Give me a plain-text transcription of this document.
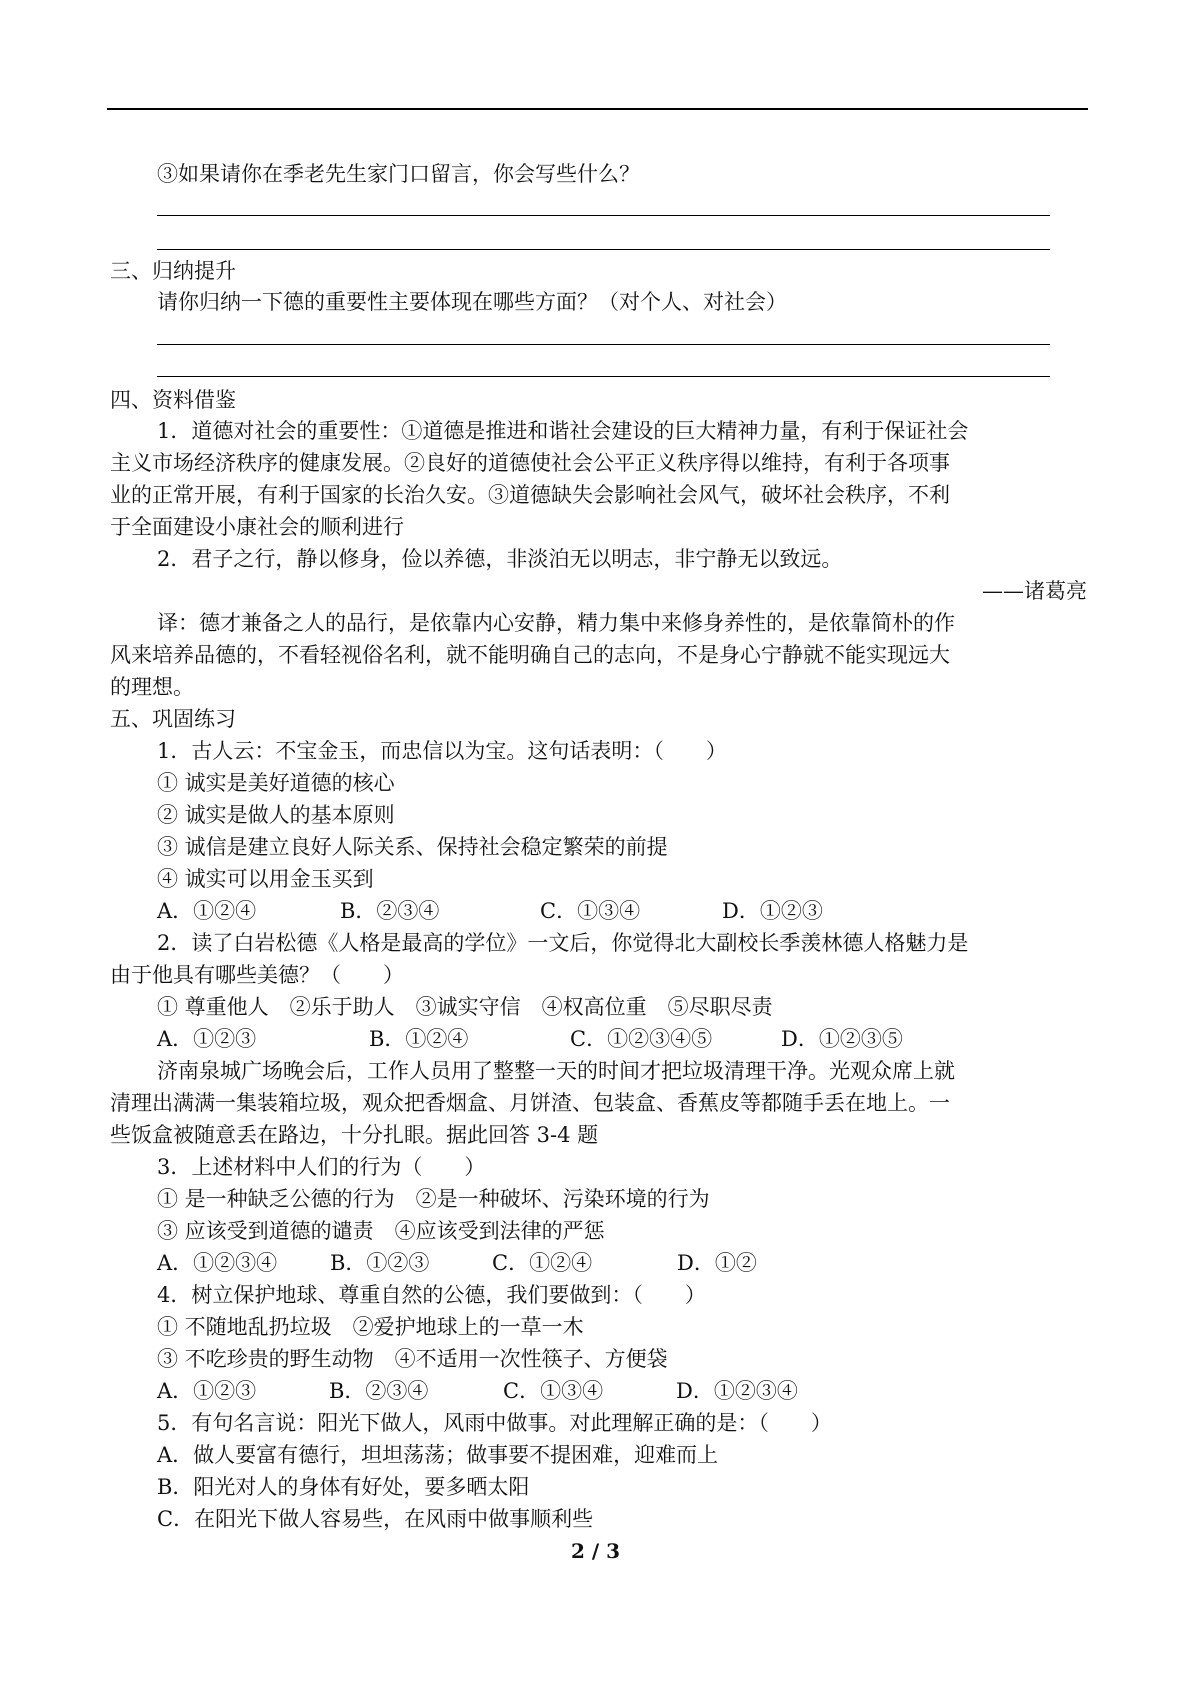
③如果请你在季老先生家门口留言，你会写些什么？
三、归纳提升
请你归纳一下德的重要性主要体现在哪些方面？（对个人、对社会）
四、资料借鉴
1．道德对社会的重要性：①道德是推进和谐社会建设的巨大精神力量，有利于保证社会
主义市场经济秩序的健康发展。②良好的道德使社会公平正义秩序得以维持，有利于各项事
业的正常开展，有利于国家的长治久安。③道德缺失会影响社会风气，破坏社会秩序，不利
于全面建设小康社会的顺利进行
2．君子之行，静以修身，俭以养德，非淡泊无以明志，非宁静无以致远。
——诸葛亮
译：德才兼备之人的品行，是依靠内心安静，精力集中来修身养性的，是依靠简朴的作
风来培养品德的，不看轻视俗名利，就不能明确自己的志向，不是身心宁静就不能实现远大
的理想。
五、巩固练习
1．古人云：不宝金玉，而忠信以为宝。这句话表明：（　　）
① 诚实是美好道德的核心
② 诚实是做人的基本原则
③ 诚信是建立良好人际关系、保持社会稳定繁荣的前提
④ 诚实可以用金玉买到
A．①②④	B．②③④	C．①③④	D．①②③
2．读了白岩松德《人格是最高的学位》一文后，你觉得北大副校长季羡林德人格魅力是
由于他具有哪些美德？（　　）
① 尊重他人　②乐于助人　③诚实守信　④权高位重　⑤尽职尽责
A．①②③	B．①②④	C．①②③④⑤	D．①②③⑤
济南泉城广场晚会后，工作人员用了整整一天的时间才把垃圾清理干净。光观众席上就
清理出满满一集装箱垃圾，观众把香烟盒、月饼渣、包装盒、香蕉皮等都随手丢在地上。一
些饭盒被随意丢在路边，十分扎眼。据此回答 3-4 题
3．上述材料中人们的行为（　　）
① 是一种缺乏公德的行为　②是一种破坏、污染环境的行为
③ 应该受到道德的谴责　④应该受到法律的严惩
A．①②③④	B．①②③	C．①②④	D．①②
4．树立保护地球、尊重自然的公德，我们要做到：（　　）
① 不随地乱扔垃圾　②爱护地球上的一草一木
③ 不吃珍贵的野生动物　④不适用一次性筷子、方便袋
A．①②③	B．②③④	C．①③④	D．①②③④
5．有句名言说：阳光下做人，风雨中做事。对此理解正确的是：（　　）
A．做人要富有德行，坦坦荡荡；做事要不提困难，迎难而上
B．阳光对人的身体有好处，要多晒太阳
C．在阳光下做人容易些，在风雨中做事顺利些
2 / 3
